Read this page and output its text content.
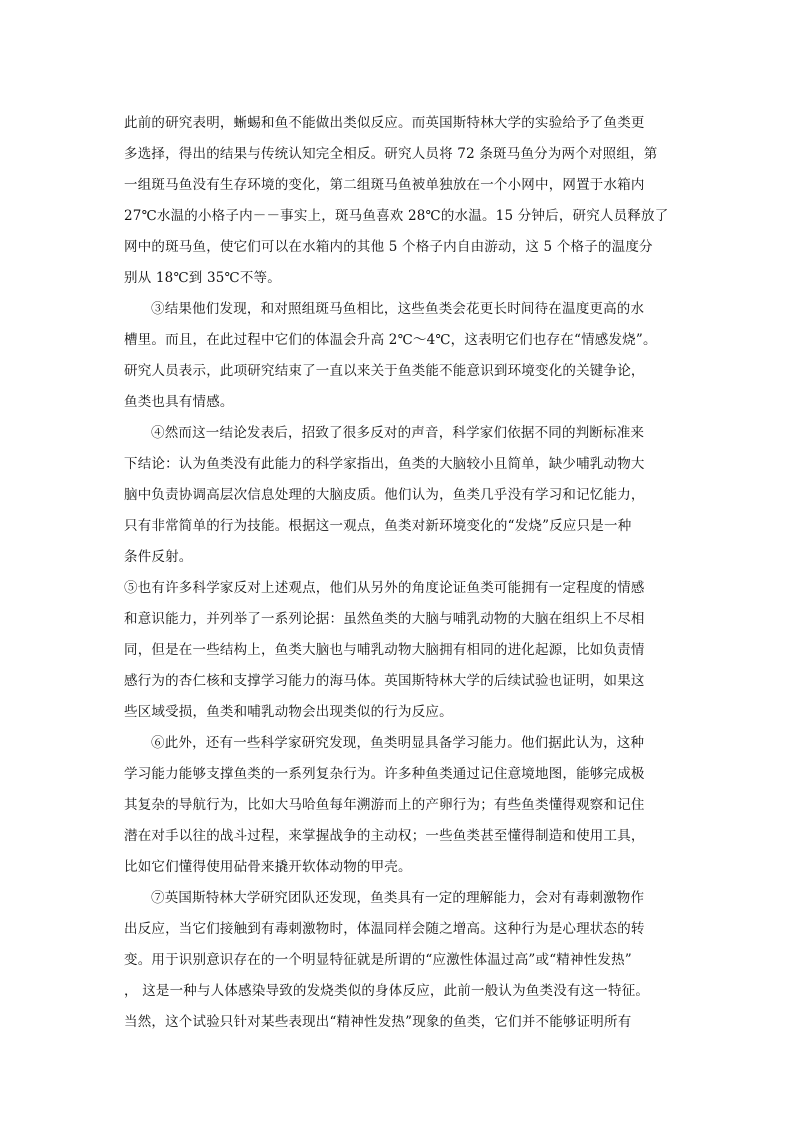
此前的研究表明，蜥蜴和鱼不能做出类似反应。而英国斯特林大学的实验给予了鱼类更
多选择，得出的结果与传统认知完全相反。研究人员将 72 条斑马鱼分为两个对照组，第
一组斑马鱼没有生存环境的变化，第二组斑马鱼被单独放在一个小网中，网置于水箱内
27℃水温的小格子内－－事实上，斑马鱼喜欢 28℃的水温。15 分钟后，研究人员释放了
网中的斑马鱼，使它们可以在水箱内的其他 5 个格子内自由游动，这 5 个格子的温度分
别从 18℃到 35℃不等。
③结果他们发现，和对照组斑马鱼相比，这些鱼类会花更长时间待在温度更高的水
槽里。而且，在此过程中它们的体温会升高 2℃～4℃，这表明它们也存在“情感发烧”。
研究人员表示，此项研究结束了一直以来关于鱼类能不能意识到环境变化的关键争论，
鱼类也具有情感。
④然而这一结论发表后，招致了很多反对的声音，科学家们依据不同的判断标准来
下结论：认为鱼类没有此能力的科学家指出，鱼类的大脑较小且简单，缺少哺乳动物大
脑中负责协调高层次信息处理的大脑皮质。他们认为，鱼类几乎没有学习和记忆能力，
只有非常简单的行为技能。根据这一观点，鱼类对新环境变化的“发烧”反应只是一种
条件反射。
⑤也有许多科学家反对上述观点，他们从另外的角度论证鱼类可能拥有一定程度的情感
和意识能力，并列举了一系列论据：虽然鱼类的大脑与哺乳动物的大脑在组织上不尽相
同，但是在一些结构上，鱼类大脑也与哺乳动物大脑拥有相同的进化起源，比如负责情
感行为的杏仁核和支撑学习能力的海马体。英国斯特林大学的后续试验也证明，如果这
些区域受损，鱼类和哺乳动物会出现类似的行为反应。
⑥此外，还有一些科学家研究发现，鱼类明显具备学习能力。他们据此认为，这种
学习能力能够支撑鱼类的一系列复杂行为。许多种鱼类通过记住意境地图，能够完成极
其复杂的导航行为，比如大马哈鱼每年溯游而上的产卵行为；有些鱼类懂得观察和记住
潜在对手以往的战斗过程，来掌握战争的主动权；一些鱼类甚至懂得制造和使用工具，
比如它们懂得使用砧骨来撬开软体动物的甲壳。
⑦英国斯特林大学研究团队还发现，鱼类具有一定的理解能力，会对有毒刺激物作
出反应，当它们接触到有毒刺激物时，体温同样会随之增高。这种行为是心理状态的转
变。用于识别意识存在的一个明显特征就是所谓的“应激性体温过高”或“精神性发热”
， 这是一种与人体感染导致的发烧类似的身体反应，此前一般认为鱼类没有这一特征。
当然，这个试验只针对某些表现出“精神性发热”现象的鱼类，它们并不能够证明所有
